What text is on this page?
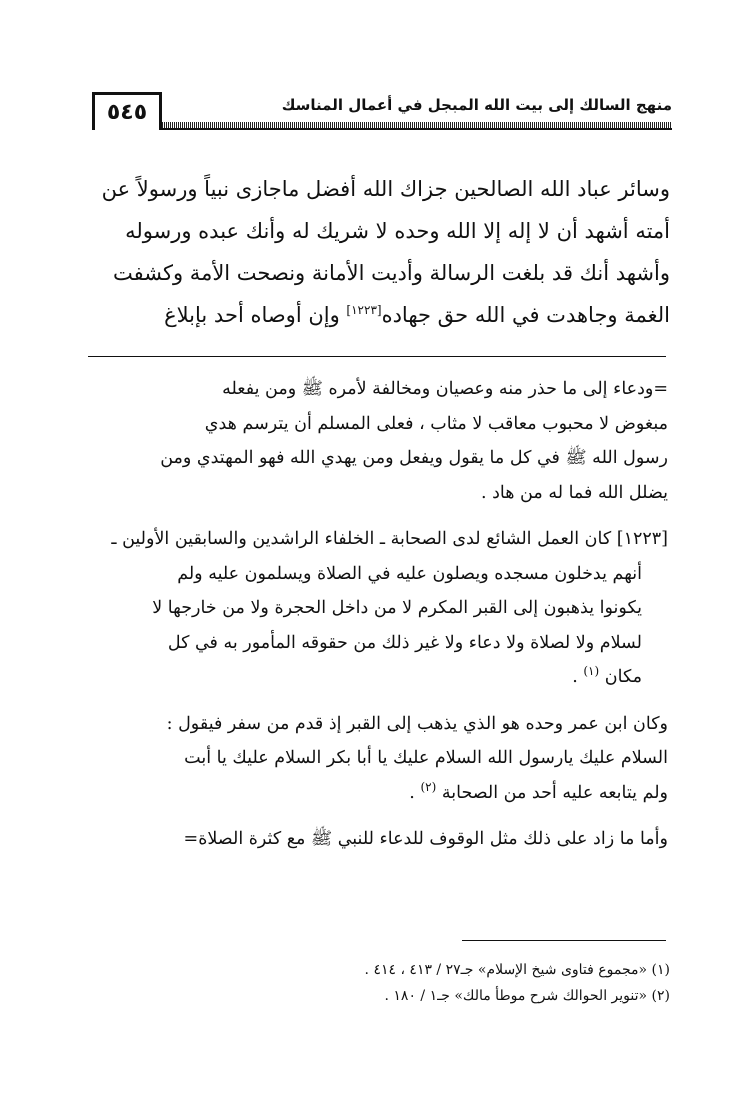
٥٤٥	منهج السالك إلى بيت الله المبجل في أعمال المناسك

وسائر عباد الله الصالحين جزاك الله أفضل ماجازى نبياً ورسولاً عن

أمته أشهد أن لا إله إلا الله وحده لا شريك له وأنك عبده ورسوله

وأشهد أنك قد بلغت الرسالة وأديت الأمانة ونصحت الأمة وكشفت

الغمة وجاهدت في الله حق جهاده[١٢٢٣] وإن أوصاه أحد بإبلاغ

=ودعاء إلى ما حذر منه وعصيان ومخالفة لأمره ﷺ ومن يفعله

مبغوض لا محبوب معاقب لا مثاب ، فعلى المسلم أن يترسم هدي

رسول الله ﷺ في كل ما يقول ويفعل ومن يهدي الله فهو المهتدي ومن

يضلل الله فما له من هاد .

[١٢٢٣] كان العمل الشائع لدى الصحابة ـ الخلفاء الراشدين والسابقين الأولين ـ

أنهم يدخلون مسجده ويصلون عليه في الصلاة ويسلمون عليه ولم

يكونوا يذهبون إلى القبر المكرم لا من داخل الحجرة ولا من خارجها لا

لسلام ولا لصلاة ولا دعاء ولا غير ذلك من حقوقه المأمور به في كل

مكان $^{(١)}$ .

وكان ابن عمر وحده هو الذي يذهب إلى القبر إذ قدم من سفر فيقول :

السلام عليك يارسول الله السلام عليك يا أبا بكر السلام عليك يا أبت

ولم يتابعه عليه أحد من الصحابة $^{(٢)}$ .

وأما ما زاد على ذلك مثل الوقوف للدعاء للنبي ﷺ مع كثرة الصلاة=

(١) «مجموع فتاوى شيخ الإسلام» جـ٢٧ / ٤١٣ ، ٤١٤ .

(٢) «تنوير الحوالك شرح موطأ مالك» جـ١ / ١٨٠ .
